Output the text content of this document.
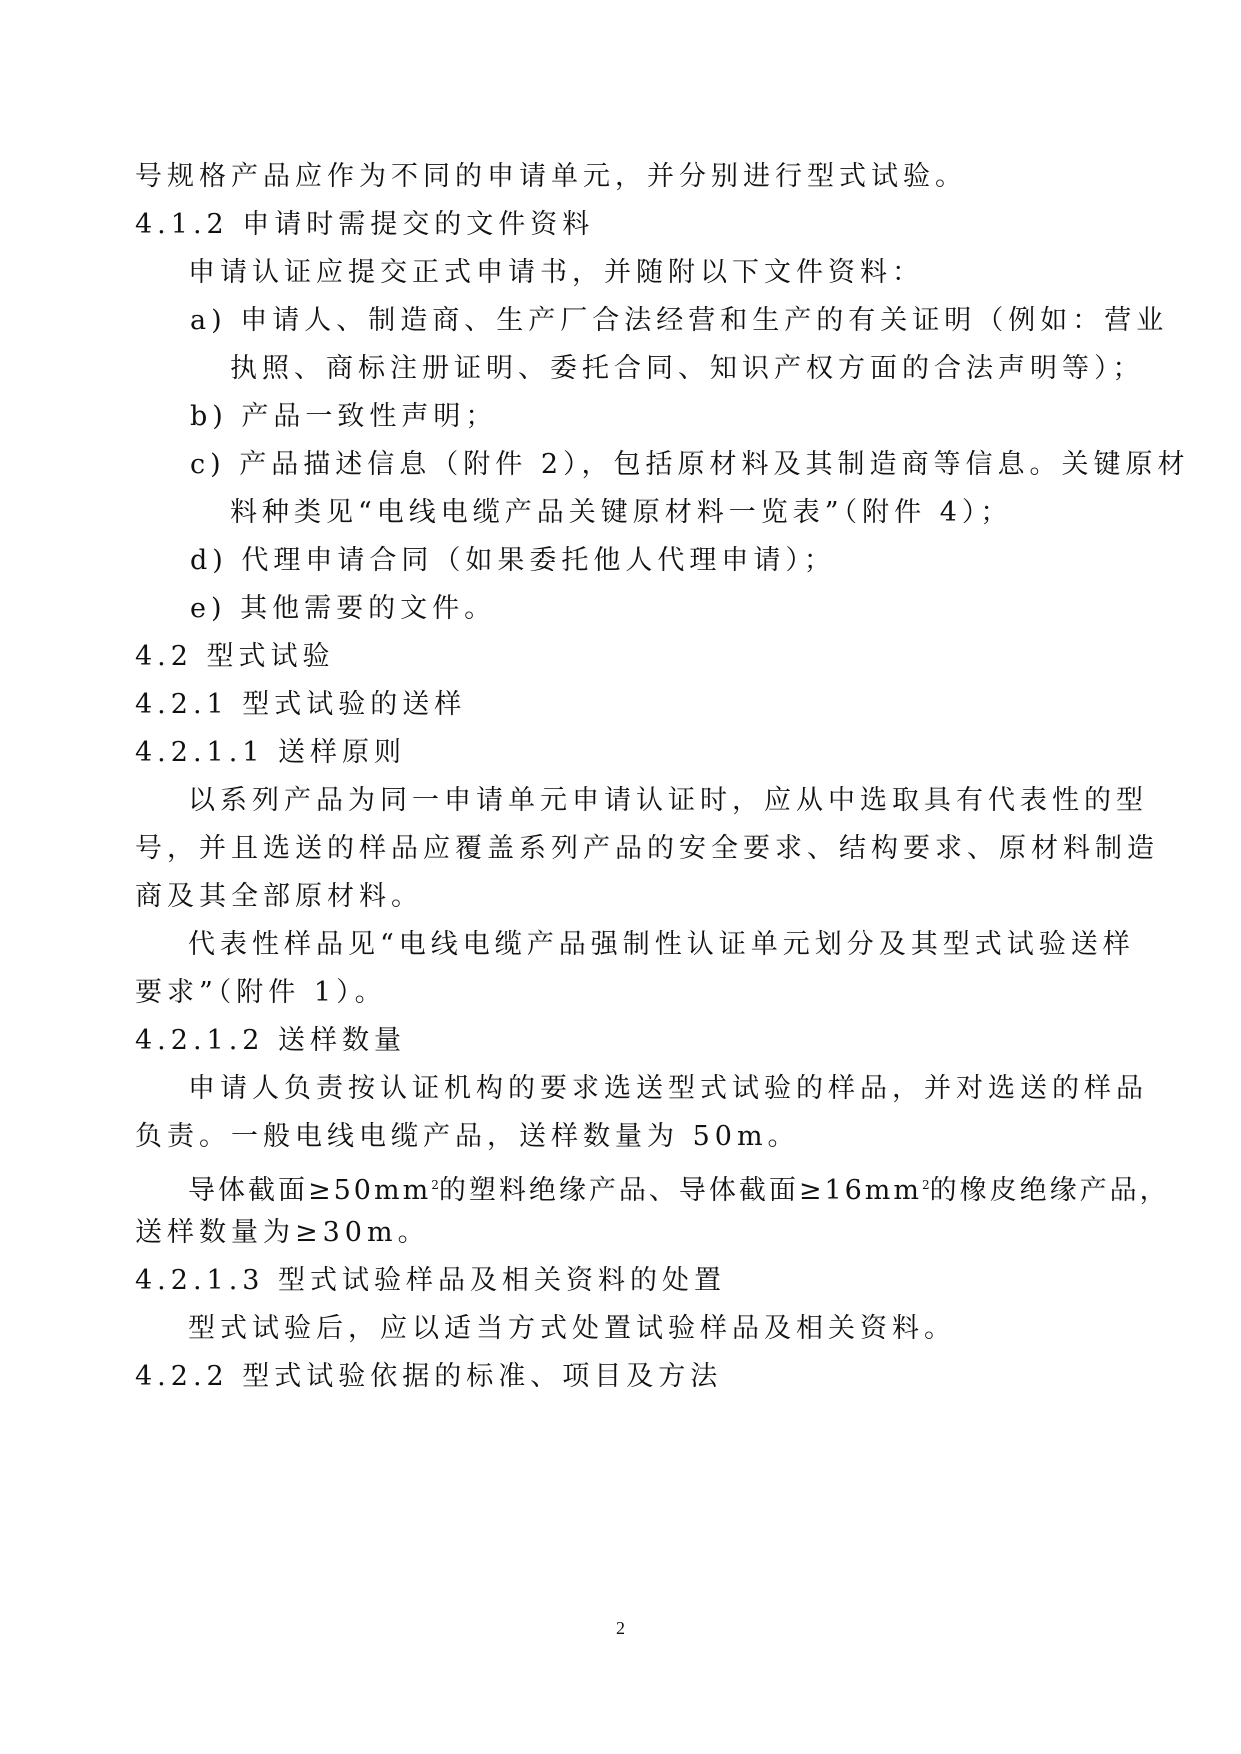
号规格产品应作为不同的申请单元，并分别进行型式试验。
4.1.2 申请时需提交的文件资料
申请认证应提交正式申请书，并随附以下文件资料：
a) 申请人、制造商、生产厂合法经营和生产的有关证明（例如：营业
执照、商标注册证明、委托合同、知识产权方面的合法声明等）；
b) 产品一致性声明；
c) 产品描述信息（附件 2），包括原材料及其制造商等信息。关键原材
料种类见“电线电缆产品关键原材料一览表”（附件 4）；
d) 代理申请合同（如果委托他人代理申请）；
e) 其他需要的文件。
4.2 型式试验
4.2.1 型式试验的送样
4.2.1.1 送样原则
以系列产品为同一申请单元申请认证时，应从中选取具有代表性的型
号，并且选送的样品应覆盖系列产品的安全要求、结构要求、原材料制造
商及其全部原材料。
代表性样品见“电线电缆产品强制性认证单元划分及其型式试验送样
要求”（附件 1）。
4.2.1.2 送样数量
申请人负责按认证机构的要求选送型式试验的样品，并对选送的样品
负责。一般电线电缆产品，送样数量为 50m。
导体截面$\ge 50mm^2$的塑料绝缘产品、导体截面$\ge 16mm^2$的橡皮绝缘产品，
送样数量为≥30m。
4.2.1.3 型式试验样品及相关资料的处置
型式试验后，应以适当方式处置试验样品及相关资料。
4.2.2 型式试验依据的标准、项目及方法
2
